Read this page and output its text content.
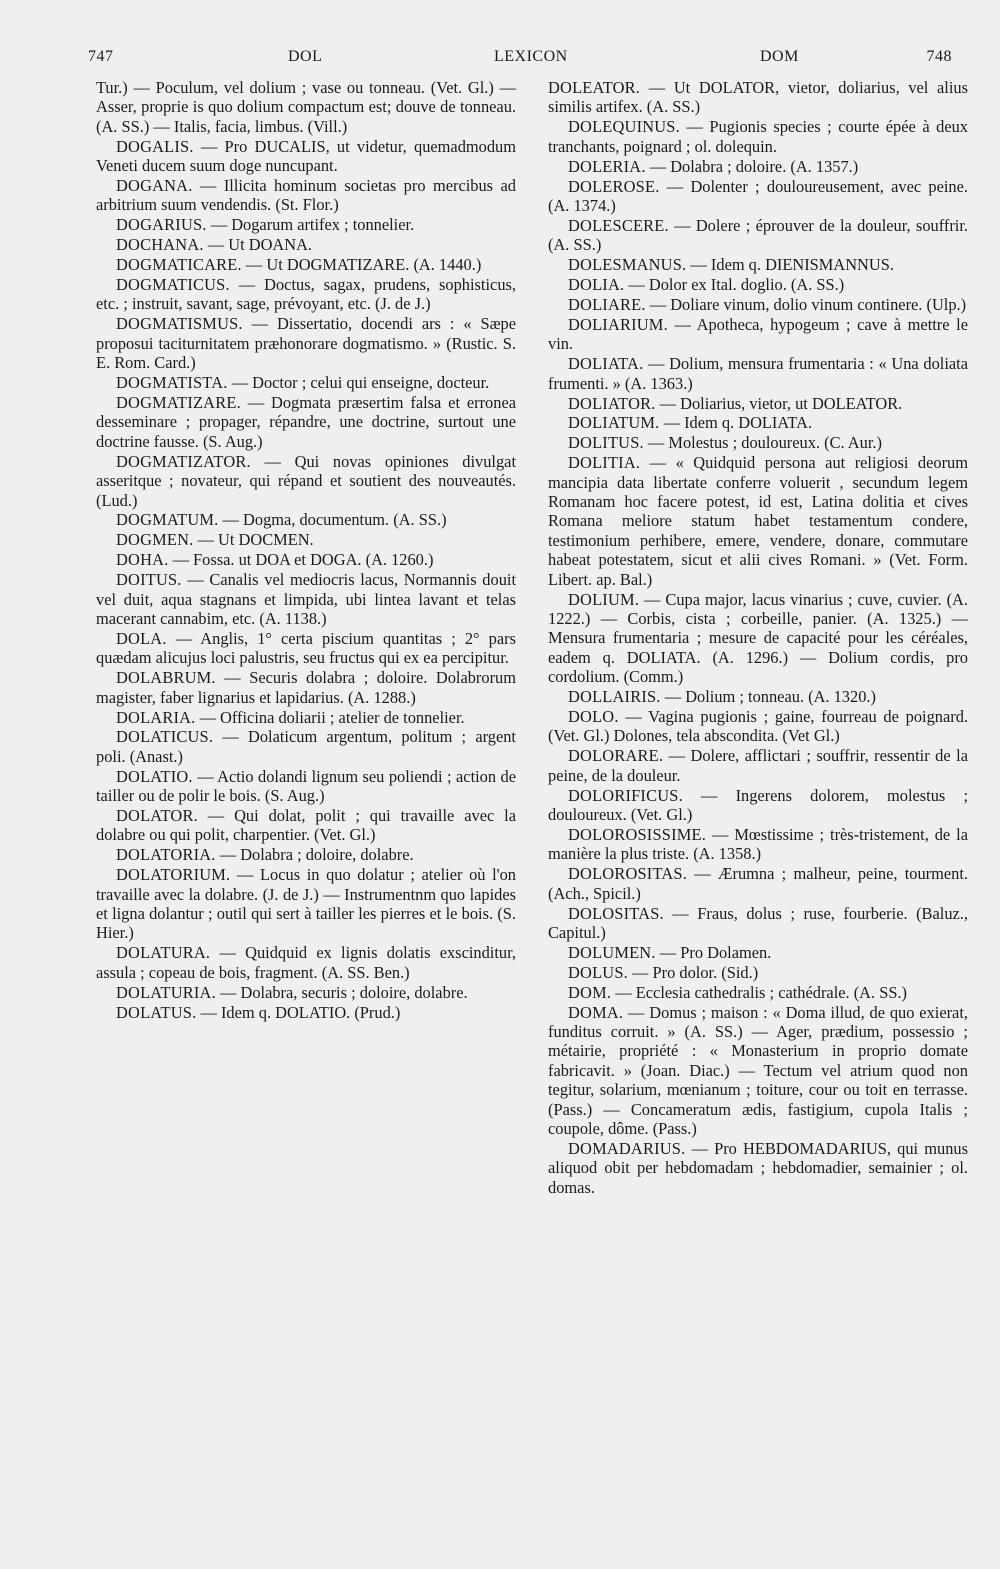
747	DOL	LEXICON	DOM	748

Tur.) — Poculum, vel dolium ; vase ou tonneau. (Vet. Gl.) — Asser, proprie is quo dolium compactum est; douve de tonneau. (A. SS.) — Italis, facia, limbus. (Vill.)

DOGALIS. — Pro DUCALIS, ut videtur, quemadmodum Veneti ducem suum doge nuncupant.

DOGANA. — Illicita hominum societas pro mercibus ad arbitrium suum vendendis. (St. Flor.)

DOGARIUS. — Dogarum artifex ; tonnelier.

DOCHANA. — Ut DOANA.

DOGMATICARE. — Ut DOGMATIZARE. (A. 1440.)

DOGMATICUS. — Doctus, sagax, prudens, sophisticus, etc. ; instruit, savant, sage, prévoyant, etc. (J. de J.)

DOGMATISMUS. — Dissertatio, docendi ars : « Sæpe proposui taciturnitatem præhonorare dogmatismo. » (Rustic. S. E. Rom. Card.)

DOGMATISTA. — Doctor ; celui qui enseigne, docteur.

DOGMATIZARE. — Dogmata præsertim falsa et erronea desseminare ; propager, répandre, une doctrine, surtout une doctrine fausse. (S. Aug.)

DOGMATIZATOR. — Qui novas opiniones divulgat asseritque ; novateur, qui répand et soutient des nouveautés. (Lud.)

DOGMATUM. — Dogma, documentum. (A. SS.)

DOGMEN. — Ut DOCMEN.

DOHA. — Fossa. ut DOA et DOGA. (A. 1260.)

DOITUS. — Canalis vel mediocris lacus, Normannis douit vel duit, aqua stagnans et limpida, ubi lintea lavant et telas macerant cannabim, etc. (A. 1138.)

DOLA. — Anglis, 1° certa piscium quantitas ; 2° pars quædam alicujus loci palustris, seu fructus qui ex ea percipitur.

DOLABRUM. — Securis dolabra ; doloire. Dolabrorum magister, faber lignarius et lapidarius. (A. 1288.)

DOLARIA. — Officina doliarii ; atelier de tonnelier.

DOLATICUS. — Dolaticum argentum, politum ; argent poli. (Anast.)

DOLATIO. — Actio dolandi lignum seu poliendi ; action de tailler ou de polir le bois. (S. Aug.)

DOLATOR. — Qui dolat, polit ; qui travaille avec la dolabre ou qui polit, charpentier. (Vet. Gl.)

DOLATORIA. — Dolabra ; doloire, dolabre.

DOLATORIUM. — Locus in quo dolatur ; atelier où l'on travaille avec la dolabre. (J. de J.) — Instrumentnm quo lapides et ligna dolantur ; outil qui sert à tailler les pierres et le bois. (S. Hier.)

DOLATURA. — Quidquid ex lignis dolatis exscinditur, assula ; copeau de bois, fragment. (A. SS. Ben.)

DOLATURIA. — Dolabra, securis ; doloire, dolabre.

DOLATUS. — Idem q. DOLATIO. (Prud.)

DOLEATOR. — Ut DOLATOR, vietor, doliarius, vel alius similis artifex. (A. SS.)

DOLEQUINUS. — Pugionis species ; courte épée à deux tranchants, poignard ; ol. dolequin.

DOLERIA. — Dolabra ; doloire. (A. 1357.)

DOLEROSE. — Dolenter ; douloureusement, avec peine. (A. 1374.)

DOLESCERE. — Dolere ; éprouver de la douleur, souffrir. (A. SS.)

DOLESMANUS. — Idem q. DIENISMANNUS.

DOLIA. — Dolor ex Ital. doglio. (A. SS.)

DOLIARE. — Doliare vinum, dolio vinum continere. (Ulp.)

DOLIARIUM. — Apotheca, hypogeum ; cave à mettre le vin.

DOLIATA. — Dolium, mensura frumentaria : « Una doliata frumenti. » (A. 1363.)

DOLIATOR. — Doliarius, vietor, ut DOLEATOR.

DOLIATUM. — Idem q. DOLIATA.

DOLITUS. — Molestus ; douloureux. (C. Aur.)

DOLITIA. — « Quidquid persona aut religiosi deorum mancipia data libertate conferre voluerit , secundum legem Romanam hoc facere potest, id est, Latina dolitia et cives Romana meliore statum habet testamentum condere, testimonium perhibere, emere, vendere, donare, commutare habeat potestatem, sicut et alii cives Romani. » (Vet. Form. Libert. ap. Bal.)

DOLIUM. — Cupa major, lacus vinarius ; cuve, cuvier. (A. 1222.) — Corbis, cista ; corbeille, panier. (A. 1325.) — Mensura frumentaria ; mesure de capacité pour les céréales, eadem q. DOLIATA. (A. 1296.) — Dolium cordis, pro cordolium. (Comm.)

DOLLAIRIS. — Dolium ; tonneau. (A. 1320.)

DOLO. — Vagina pugionis ; gaine, fourreau de poignard. (Vet. Gl.) Dolones, tela abscondita. (Vet Gl.)

DOLORARE. — Dolere, afflictari ; souffrir, ressentir de la peine, de la douleur.

DOLORIFICUS. — Ingerens dolorem, molestus ; douloureux. (Vet. Gl.)

DOLOROSISSIME. — Mœstissime ; très-tristement, de la manière la plus triste. (A. 1358.)

DOLOROSITAS. — Ærumna ; malheur, peine, tourment. (Ach., Spicil.)

DOLOSITAS. — Fraus, dolus ; ruse, fourberie. (Baluz., Capitul.)

DOLUMEN. — Pro Dolamen.

DOLUS. — Pro dolor. (Sid.)

DOM. — Ecclesia cathedralis ; cathédrale. (A. SS.)

DOMA. — Domus ; maison : « Doma illud, de quo exierat, funditus corruit. » (A. SS.) — Ager, prædium, possessio ; métairie, propriété : « Monasterium in proprio domate fabricavit. » (Joan. Diac.) — Tectum vel atrium quod non tegitur, solarium, mœnianum ; toiture, cour ou toit en terrasse. (Pass.) — Concameratum ædis, fastigium, cupola Italis ; coupole, dôme. (Pass.)

DOMADARIUS. — Pro HEBDOMADARIUS, qui munus aliquod obit per hebdomadam ; hebdomadier, semainier ; ol. domas.
